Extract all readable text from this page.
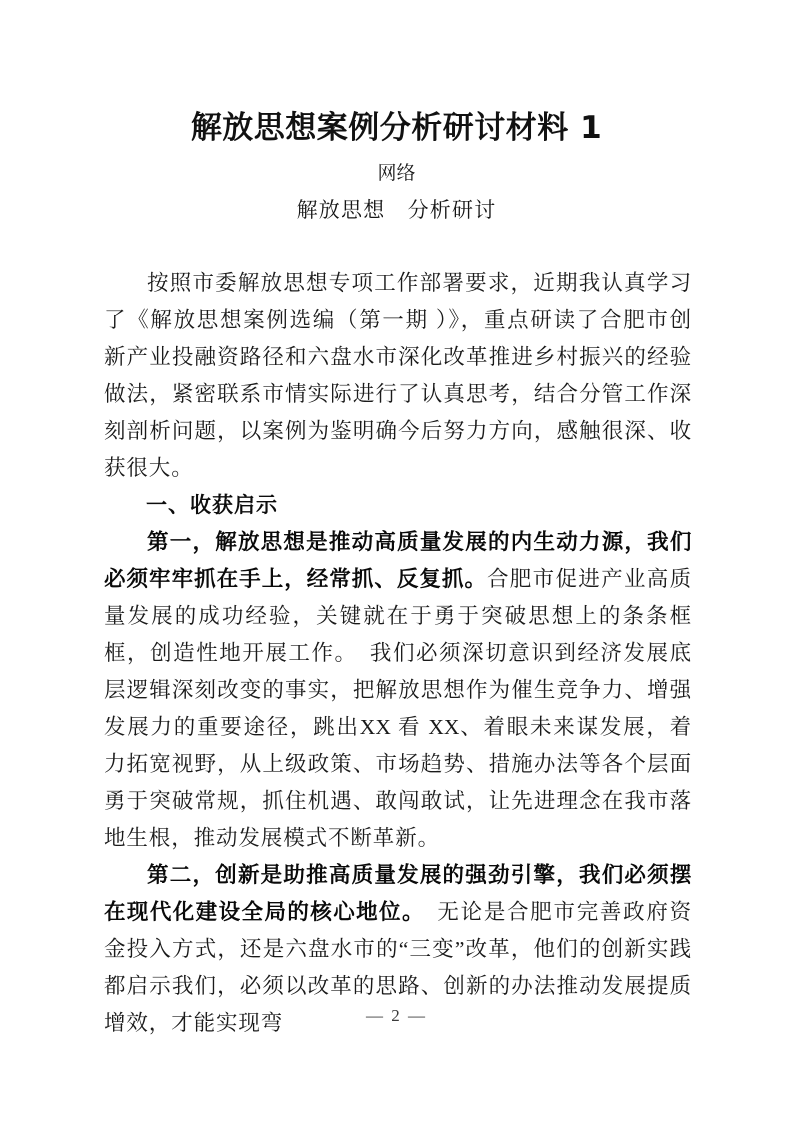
解放思想案例分析研讨材料 1
网络
解放思想　分析研讨

按照市委解放思想专项工作部署要求，近期我认真学习了《解放思想案例选编（第一期 ）》，重点研读了合肥市创新产业投融资路径和六盘水市深化改革推进乡村振兴的经验做法，紧密联系市情实际进行了认真思考，结合分管工作深刻剖析问题，以案例为鉴明确今后努力方向，感触很深、收获很大。

一、收获启示

第一，解放思想是推动高质量发展的内生动力源，我们必须牢牢抓在手上，经常抓、反复抓。合肥市促进产业高质量发展的成功经验，关键就在于勇于突破思想上的条条框框，创造性地开展工作。　我们必须深切意识到经济发展底层逻辑深刻改变的事实，把解放思想作为催生竞争力、增强发展力的重要途径，跳出XX 看 XX、着眼未来谋发展，着力拓宽视野，从上级政策、市场趋势、措施办法等各个层面勇于突破常规，抓住机遇、敢闯敢试，让先进理念在我市落地生根，推动发展模式不断革新。

第二，创新是助推高质量发展的强劲引擎，我们必须摆在现代化建设全局的核心地位。　无论是合肥市完善政府资金投入方式，还是六盘水市的“三变”改革，他们的创新实践都启示我们，必须以改革的思路、创新的办法推动发展提质增效，才能实现弯	— 2 —
